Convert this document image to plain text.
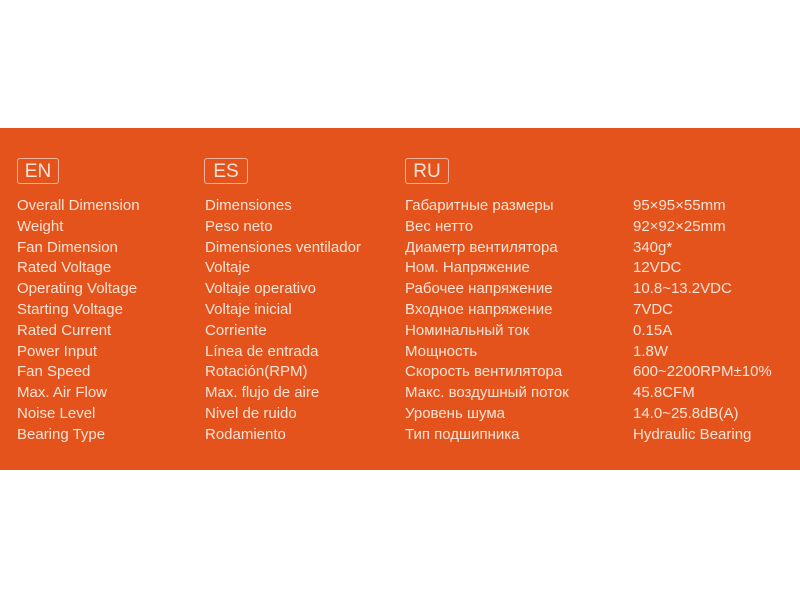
EN	ES	RU
Overall Dimension
Weight
Fan Dimension
Rated Voltage
Operating Voltage
Starting Voltage
Rated Current
Power Input
Fan Speed
Max. Air Flow
Noise Level
Bearing Type
Dimensiones
Peso neto
Dimensiones ventilador
Voltaje
Voltaje operativo
Voltaje inicial
Corriente
Línea de entrada
Rotación(RPM)
Max. flujo de aire
Nivel de ruido
Rodamiento
Габаритные размеры
Вес нетто
Диаметр вентилятора
Ном. Напряжение
Рабочее напряжение
Входное напряжение
Номинальный ток
Мощность
Скорость вентилятора
Макс. воздушный поток
Уровень шума
Тип подшипника
95×95×55mm
92×92×25mm
340g*
12VDC
10.8~13.2VDC
7VDC
0.15A
1.8W
600~2200RPM±10%
45.8CFM
14.0~25.8dB(A)
Hydraulic Bearing
